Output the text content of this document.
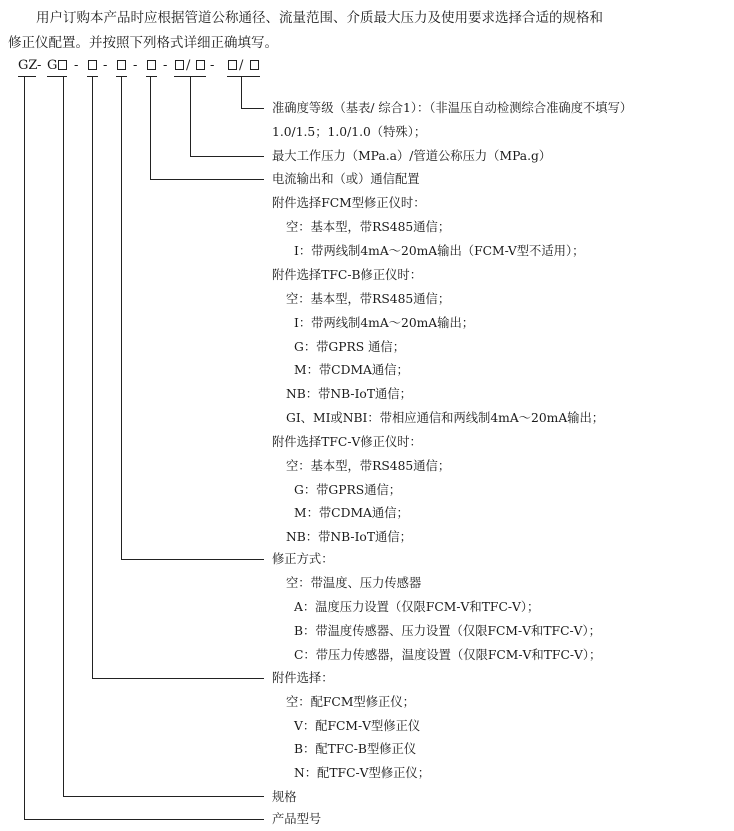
用户订购本产品时应根据管道公称通径、流量范围、介质最大压力及使用要求选择合适的规格和
修正仪配置。并按照下列格式详细正确填写。
GZ - G - - - - / - /
准确度等级（基表/ 综合1）：（非温压自动检测综合准确度不填写）
1.0/1.5；1.0/1.0（特殊）；
最大工作压力（MPa.a）/管道公称压力（MPa.g）
电流输出和（或）通信配置
附件选择FCM型修正仪时：
空：基本型，带RS485通信；
I：带两线制4mA～20mA输出（FCM-V型不适用）；
附件选择TFC-B修正仪时：
空：基本型，带RS485通信；
I：带两线制4mA～20mA输出；
G：带GPRS 通信；
M：带CDMA通信；
NB：带NB-IoT通信；
GI、MI或NBI：带相应通信和两线制4mA～20mA输出；
附件选择TFC-Ⅴ修正仪时：
空：基本型，带RS485通信；
G：带GPRS通信；
M：带CDMA通信；
NB：带NB-IoT通信；
修正方式：
空：带温度、压力传感器
A：温度压力设置（仅限FCM-Ⅴ和TFC-Ⅴ）；
B：带温度传感器、压力设置（仅限FCM-Ⅴ和TFC-Ⅴ）；
C：带压力传感器，温度设置（仅限FCM-Ⅴ和TFC-Ⅴ）；
附件选择：
空：配FCM型修正仪；
V：配FCM-Ⅴ型修正仪
B：配TFC-B型修正仪
N：配TFC-Ⅴ型修正仪；
规格
产品型号
